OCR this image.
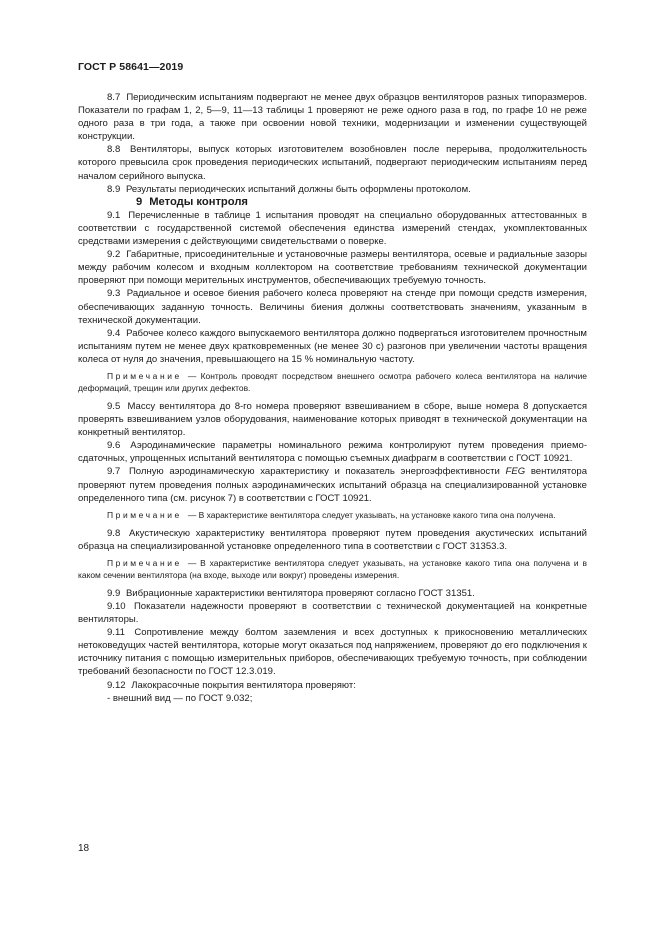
ГОСТ Р 58641—2019

8.7 Периодическим испытаниям подвергают не менее двух образцов вентиляторов разных типоразмеров. Показатели по графам 1, 2, 5—9, 11—13 таблицы 1 проверяют не реже одного раза в год, по графе 10 не реже одного раза в три года, а также при освоении новой техники, модернизации и изменении существующей конструкции.

8.8 Вентиляторы, выпуск которых изготовителем возобновлен после перерыва, продолжительность которого превысила срок проведения периодических испытаний, подвергают периодическим испытаниям перед началом серийного выпуска.

8.9 Результаты периодических испытаний должны быть оформлены протоколом.

9 Методы контроля

9.1 Перечисленные в таблице 1 испытания проводят на специально оборудованных аттестованных в соответствии с государственной системой обеспечения единства измерений стендах, укомплектованных средствами измерения с действующими свидетельствами о поверке.

9.2 Габаритные, присоединительные и установочные размеры вентилятора, осевые и радиальные зазоры между рабочим колесом и входным коллектором на соответствие требованиям технической документации проверяют при помощи мерительных инструментов, обеспечивающих требуемую точность.

9.3 Радиальное и осевое биения рабочего колеса проверяют на стенде при помощи средств измерения, обеспечивающих заданную точность. Величины биения должны соответствовать значениям, указанным в технической документации.

9.4 Рабочее колесо каждого выпускаемого вентилятора должно подвергаться изготовителем прочностным испытаниям путем не менее двух кратковременных (не менее 30 с) разгонов при увеличении частоты вращения колеса от нуля до значения, превышающего на 15 % номинальную частоту.

Примечание — Контроль проводят посредством внешнего осмотра рабочего колеса вентилятора на наличие деформаций, трещин или других дефектов.

9.5 Массу вентилятора до 8-го номера проверяют взвешиванием в сборе, выше номера 8 допускается проверять взвешиванием узлов оборудования, наименование которых приводят в технической документации на конкретный вентилятор.

9.6 Аэродинамические параметры номинального режима контролируют путем проведения приемо-сдаточных, упрощенных испытаний вентилятора с помощью съемных диафрагм в соответствии с ГОСТ 10921.

9.7 Полную аэродинамическую характеристику и показатель энергоэффективности FEG вентилятора проверяют путем проведения полных аэродинамических испытаний образца на специализированной установке определенного типа (см. рисунок 7) в соответствии с ГОСТ 10921.

Примечание — В характеристике вентилятора следует указывать, на установке какого типа она получена.

9.8 Акустическую характеристику вентилятора проверяют путем проведения акустических испытаний образца на специализированной установке определенного типа в соответствии с ГОСТ 31353.3.

Примечание — В характеристике вентилятора следует указывать, на установке какого типа она получена и в каком сечении вентилятора (на входе, выходе или вокруг) проведены измерения.

9.9 Вибрационные характеристики вентилятора проверяют согласно ГОСТ 31351.

9.10 Показатели надежности проверяют в соответствии с технической документацией на конкретные вентиляторы.

9.11 Сопротивление между болтом заземления и всех доступных к прикосновению металлических нетоковедущих частей вентилятора, которые могут оказаться под напряжением, проверяют до его подключения к источнику питания с помощью измерительных приборов, обеспечивающих требуемую точность, при соблюдении требований безопасности по ГОСТ 12.3.019.

9.12 Лакокрасочные покрытия вентилятора проверяют:

- внешний вид — по ГОСТ 9.032;

18
